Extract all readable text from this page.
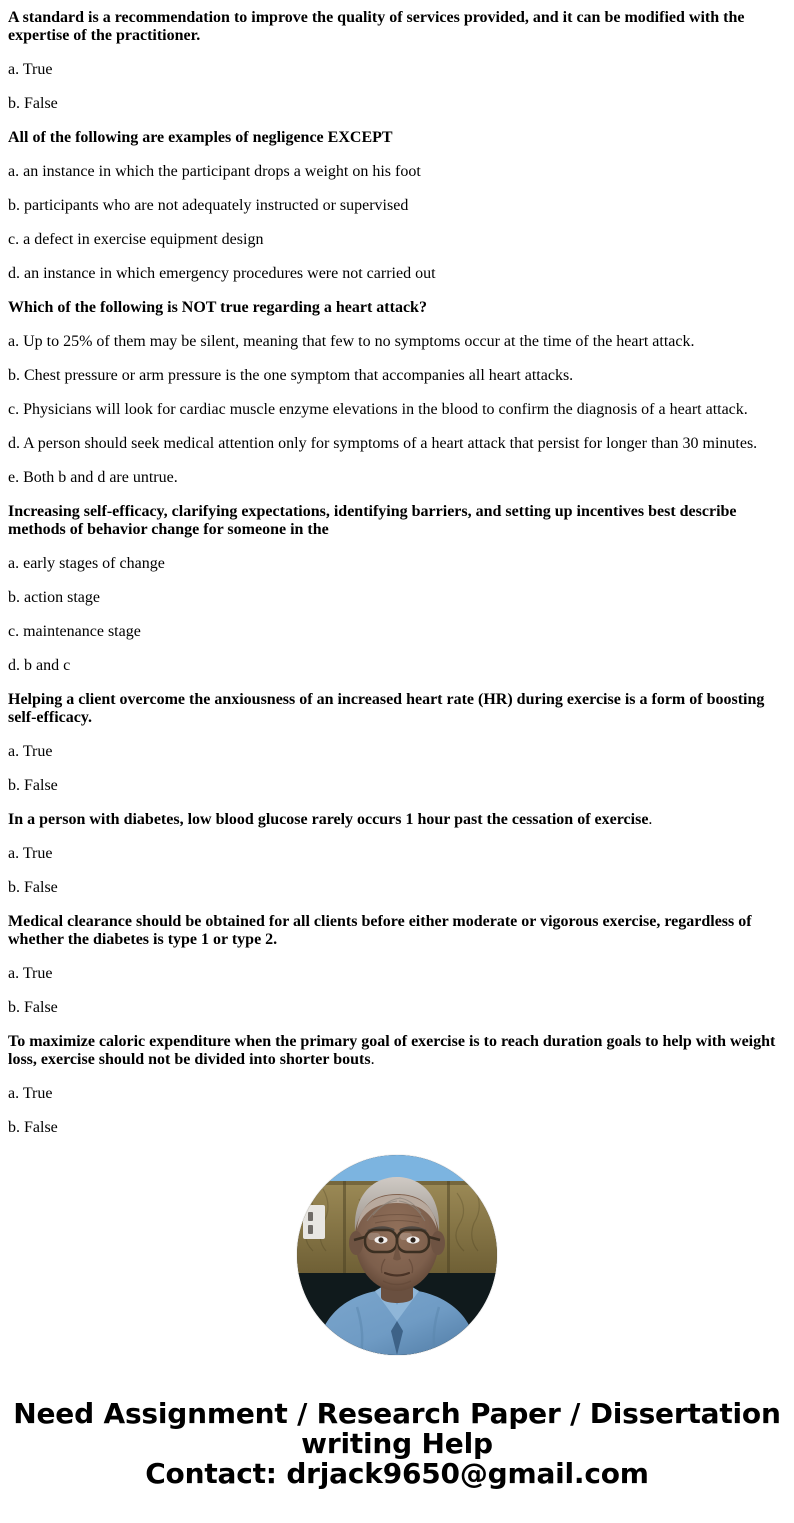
A standard is a recommendation to improve the quality of services provided, and it can be modified with the expertise of the practitioner.

a. True

b. False

All of the following are examples of negligence EXCEPT

a. an instance in which the participant drops a weight on his foot

b. participants who are not adequately instructed or supervised

c. a defect in exercise equipment design

d. an instance in which emergency procedures were not carried out

Which of the following is NOT true regarding a heart attack?

a. Up to 25% of them may be silent, meaning that few to no symptoms occur at the time of the heart attack.

b. Chest pressure or arm pressure is the one symptom that accompanies all heart attacks.

c. Physicians will look for cardiac muscle enzyme elevations in the blood to confirm the diagnosis of a heart attack.

d. A person should seek medical attention only for symptoms of a heart attack that persist for longer than 30 minutes.

e. Both b and d are untrue.

Increasing self-efficacy, clarifying expectations, identifying barriers, and setting up incentives best describe methods of behavior change for someone in the

a. early stages of change

b. action stage

c. maintenance stage

d. b and c

Helping a client overcome the anxiousness of an increased heart rate (HR) during exercise is a form of boosting self-efficacy.

a. True

b. False

In a person with diabetes, low blood glucose rarely occurs 1 hour past the cessation of exercise.

a. True

b. False

Medical clearance should be obtained for all clients before either moderate or vigorous exercise, regardless of whether the diabetes is type 1 or type 2.

a. True

b. False

To maximize caloric expenditure when the primary goal of exercise is to reach duration goals to help with weight loss, exercise should not be divided into shorter bouts.

a. True

b. False

Need Assignment / Research Paper / Dissertation
writing Help
Contact: drjack9650@gmail.com
